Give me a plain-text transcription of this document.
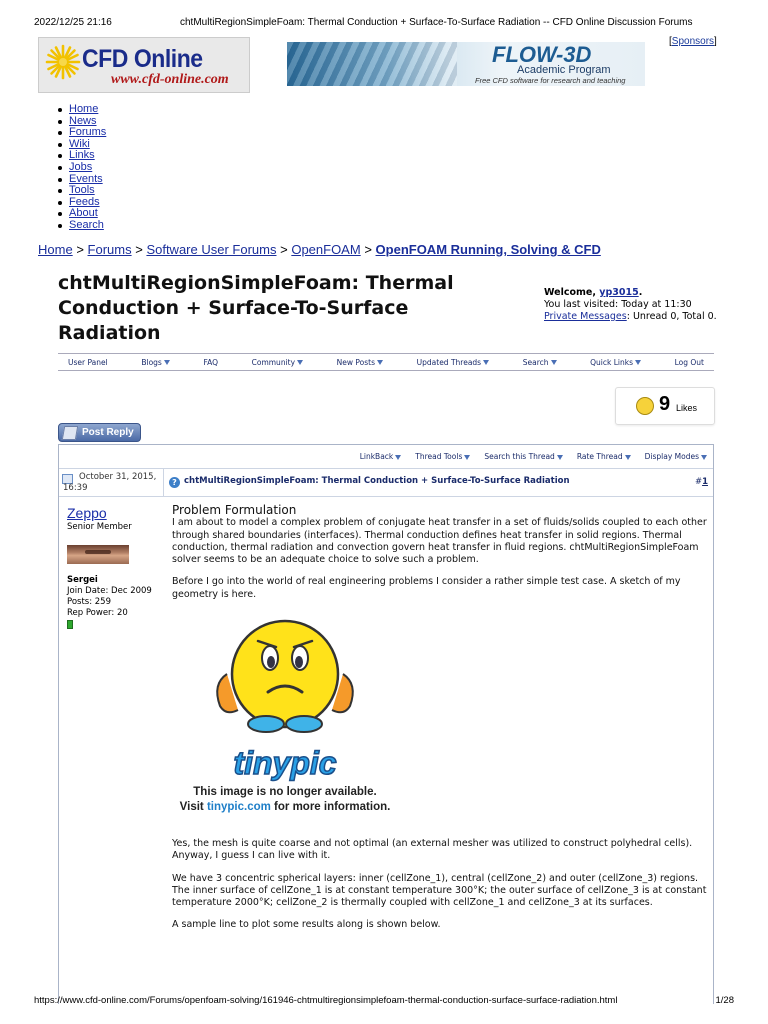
2022/12/25 21:16	chtMultiRegionSimpleFoam: Thermal Conduction + Surface-To-Surface Radiation -- CFD Online Discussion Forums
CFD Online
www.cfd-online.com
FLOW-3D
Academic Program
Free CFD software for research and teaching
[Sponsors]
Home
News
Forums
Wiki
Links
Jobs
Events
Tools
Feeds
About
Search
Home > Forums > Software User Forums > OpenFOAM > OpenFOAM Running, Solving & CFD
chtMultiRegionSimpleFoam: Thermal Conduction + Surface-To-Surface Radiation
Welcome, yp3015.
You last visited: Today at 11:30
Private Messages: Unread 0, Total 0.
User Panel	Blogs	FAQ	Community	New Posts	Updated Threads	Search	Quick Links	Log Out
9 Likes
Post Reply
LinkBack	Thread Tools	Search this Thread	Rate Thread	Display Modes
October 31, 2015, 16:39
? chtMultiRegionSimpleFoam: Thermal Conduction + Surface-To-Surface Radiation	#1
Zeppo
Senior Member
Sergei
Join Date: Dec 2009
Posts: 259
Rep Power: 20
Problem Formulation

I am about to model a complex problem of conjugate heat transfer in a set of fluids/solids coupled to each other through shared boundaries (interfaces). Thermal conduction defines heat transfer in solid regions. Thermal conduction, thermal radiation and convection govern heat transfer in fluid regions. chtMultiRegionSimpleFoam solver seems to be an adequate choice to solve such a problem.

Before I go into the world of real engineering problems I consider a rather simple test case. A sketch of my geometry is here.

tinypic
This image is no longer available.
Visit tinypic.com for more information.

Yes, the mesh is quite coarse and not optimal (an external mesher was utilized to construct polyhedral cells). Anyway, I guess I can live with it.

We have 3 concentric spherical layers: inner (cellZone_1), central (cellZone_2) and outer (cellZone_3) regions. The inner surface of cellZone_1 is at constant temperature 300°K; the outer surface of cellZone_3 is at constant temperature 2000°K; cellZone_2 is thermally coupled with cellZone_1 and cellZone_3 at its surfaces.

A sample line to plot some results along is shown below.

https://www.cfd-online.com/Forums/openfoam-solving/161946-chtmultiregionsimplefoam-thermal-conduction-surface-surface-radiation.html	1/28
